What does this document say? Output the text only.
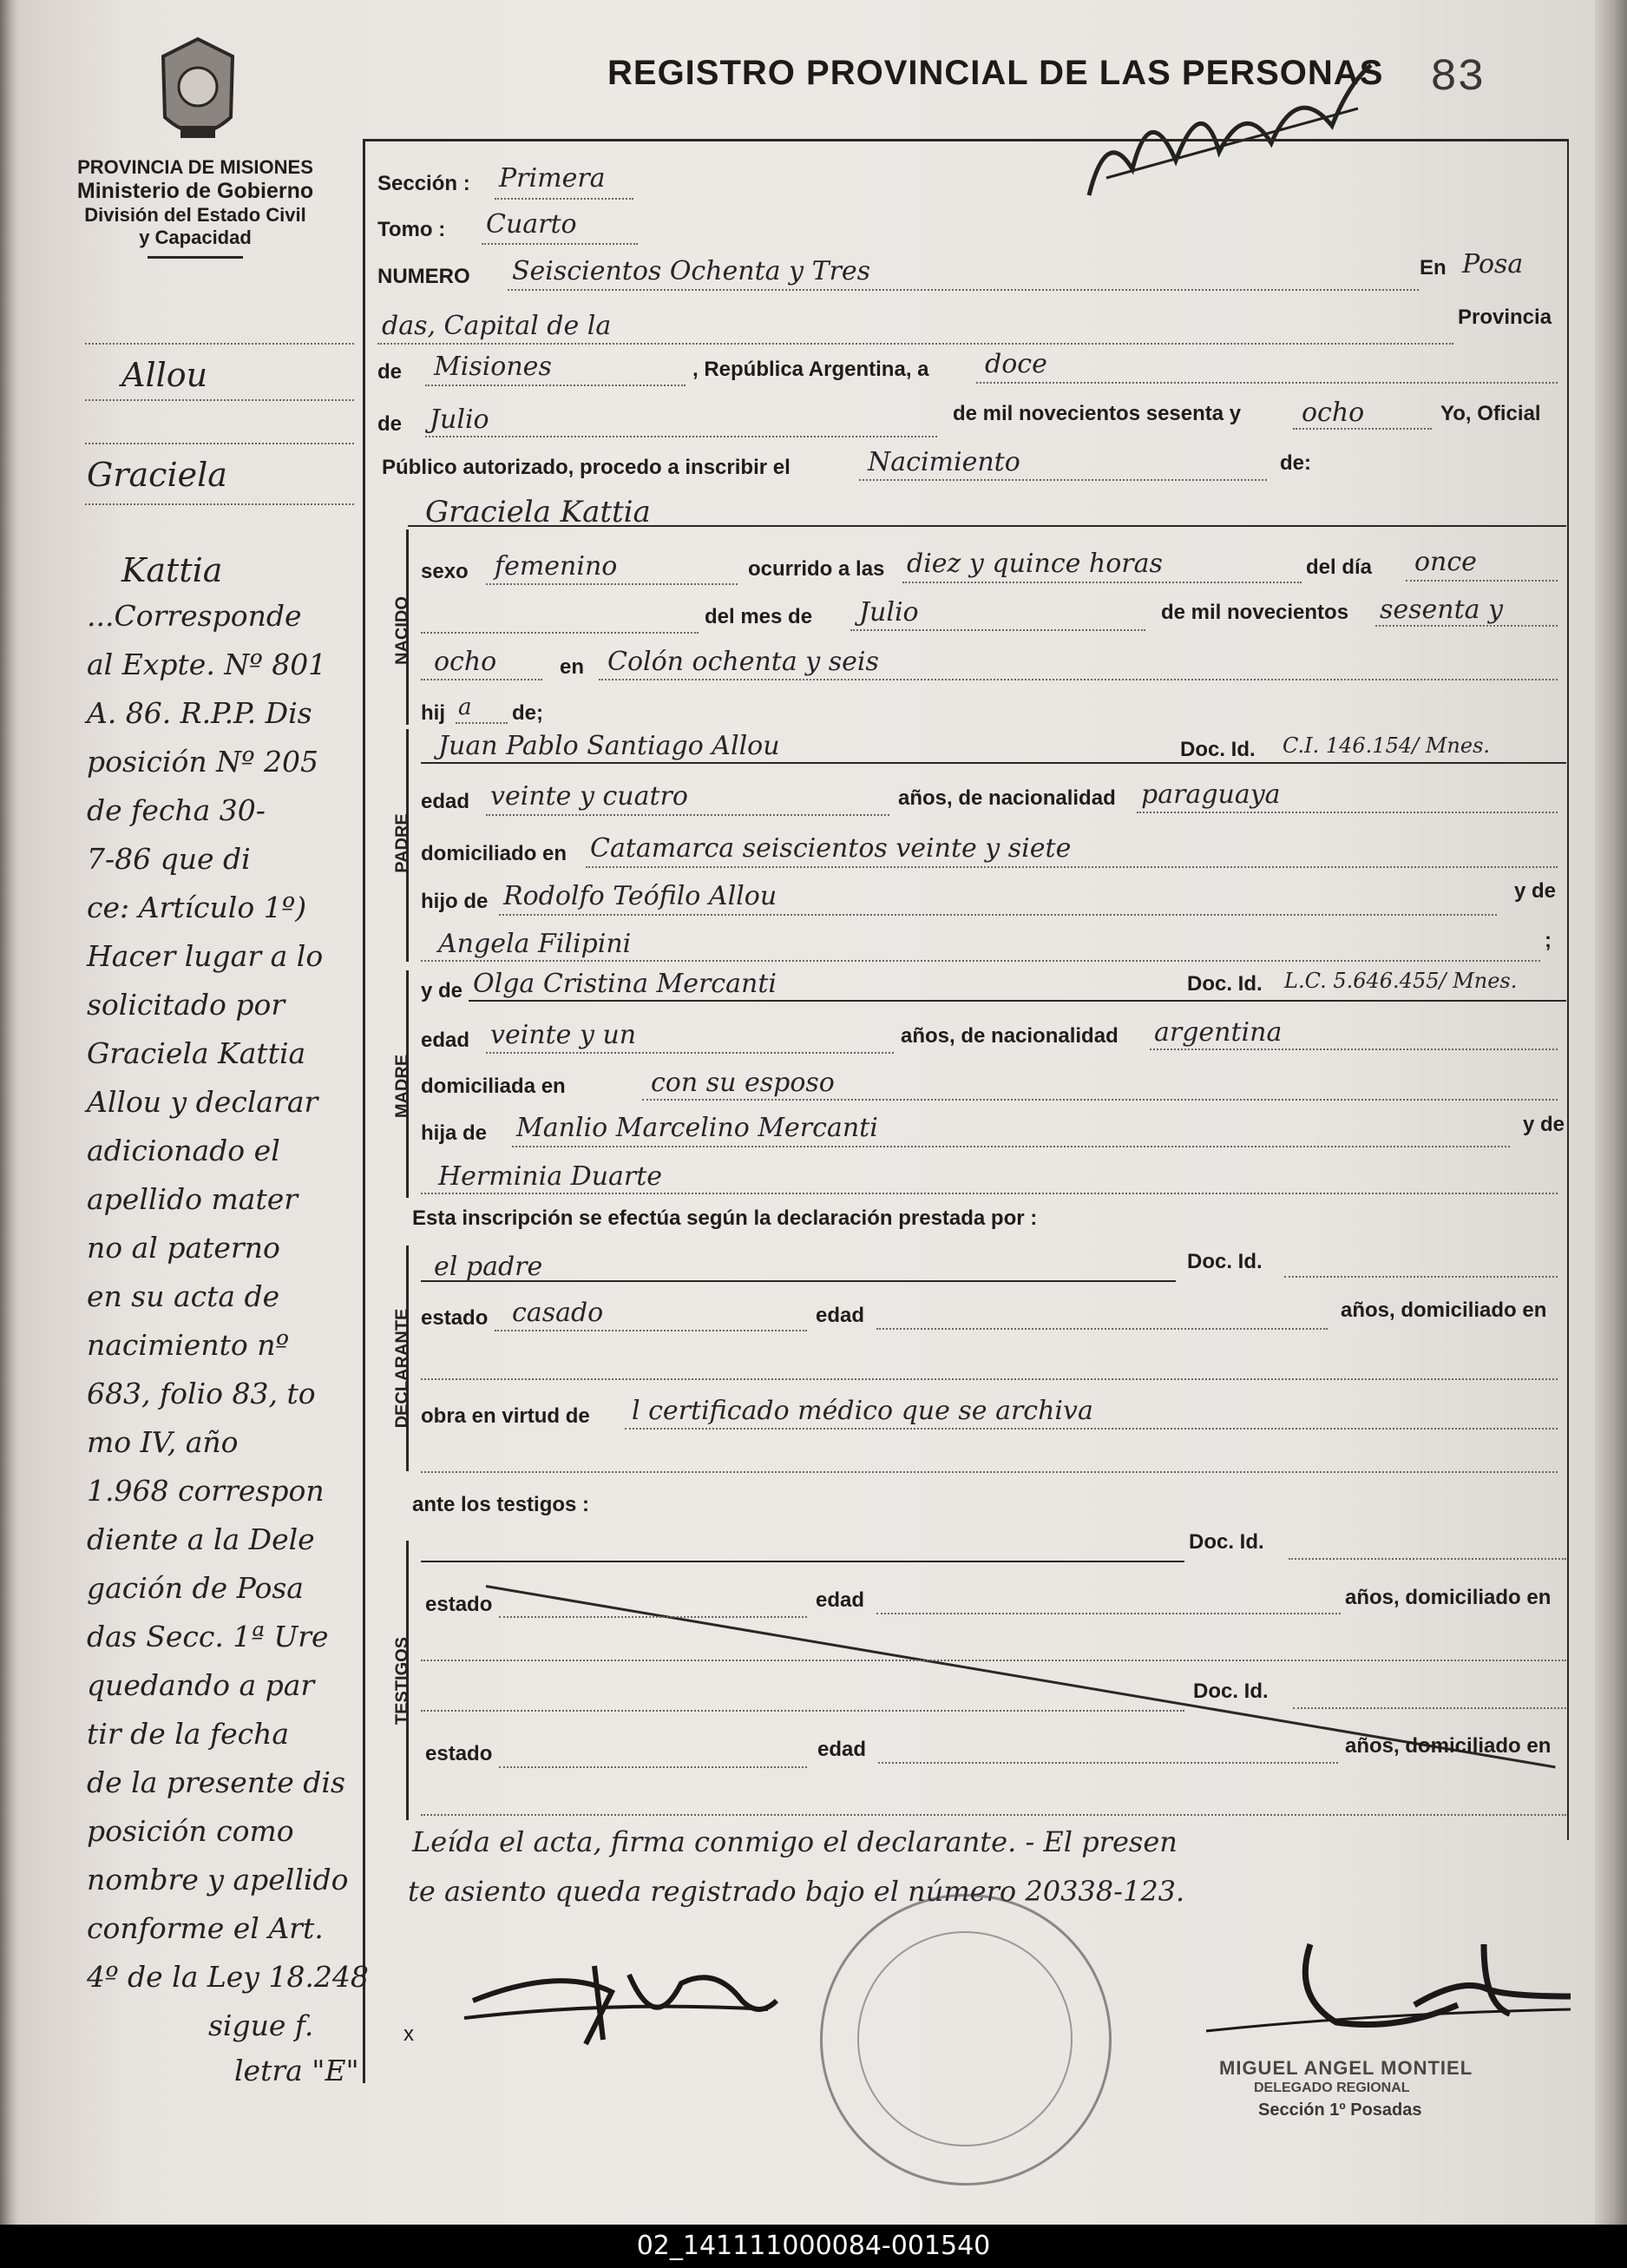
PROVINCIA DE MISIONES
Ministerio de Gobierno
División del Estado Civil
y Capacidad
REGISTRO PROVINCIAL DE LAS PERSONAS 83
Allou
Graciela
Kattia
...Corresponde
al Expte. Nº 801
A. 86. R.P.P. Dis
posición Nº 205
de fecha 30-
7-86 que di
ce: Artículo 1º)
Hacer lugar a lo
solicitado por
Graciela Kattia
Allou y declarar
adicionado el
apellido mater
no al paterno
en su acta de
nacimiento nº
683, folio 83, to
mo IV, año
1.968 correspon
diente a la Dele
gación de Posa
das Secc. 1ª Ure
quedando a par
tir de la fecha
de la presente dis
posición como
nombre y apellido
conforme el Art.
4º de la Ley 18.248
sigue f.
letra "E"
Sección : Primera
Tomo : Cuarto
NUMERO Seiscientos Ochenta y Tres	En Posa
das, Capital de la	Provincia
de Misiones	, República Argentina, a doce
de Julio	de mil novecientos sesenta y ocho	Yo, Oficial
Público autorizado, procedo a inscribir el	Nacimiento	de:
Graciela Kattia
NACIDO
sexo femenino	ocurrido a las diez y quince horas	del día once
del mes de Julio	de mil novecientos sesenta y
ocho	en Colón ochenta y seis
hij a de;
PADRE
Juan Pablo Santiago Allou	Doc. Id. C.I. 146.154/ Mnes.
edad veinte y cuatro	años, de nacionalidad paraguaya
domiciliado en Catamarca seiscientos veinte y siete
hijo de Rodolfo Teófilo Allou	y de
Angela Filipini	;
MADRE
y de Olga Cristina Mercanti	Doc. Id. L.C. 5.646.455/ Mnes.
edad veinte y un	años, de nacionalidad argentina
domiciliada en	con su esposo
hija de Manlio Marcelino Mercanti	y de
Herminia Duarte
Esta inscripción se efectúa según la declaración prestada por :
DECLARANTE
el padre	Doc. Id.
estado casado	edad	años, domiciliado en
obra en virtud de l certificado médico que se archiva
ante los testigos :
TESTIGOS
Doc. Id.
estado	edad	años, domiciliado en
Doc. Id.
estado	edad	años, domiciliado en
Leída el acta, firma conmigo el declarante. - El presen
te asiento queda registrado bajo el número 20338-123.
x
MIGUEL ANGEL MONTIEL
DELEGADO REGIONAL
Sección 1º Posadas
02_141111000084-001540
